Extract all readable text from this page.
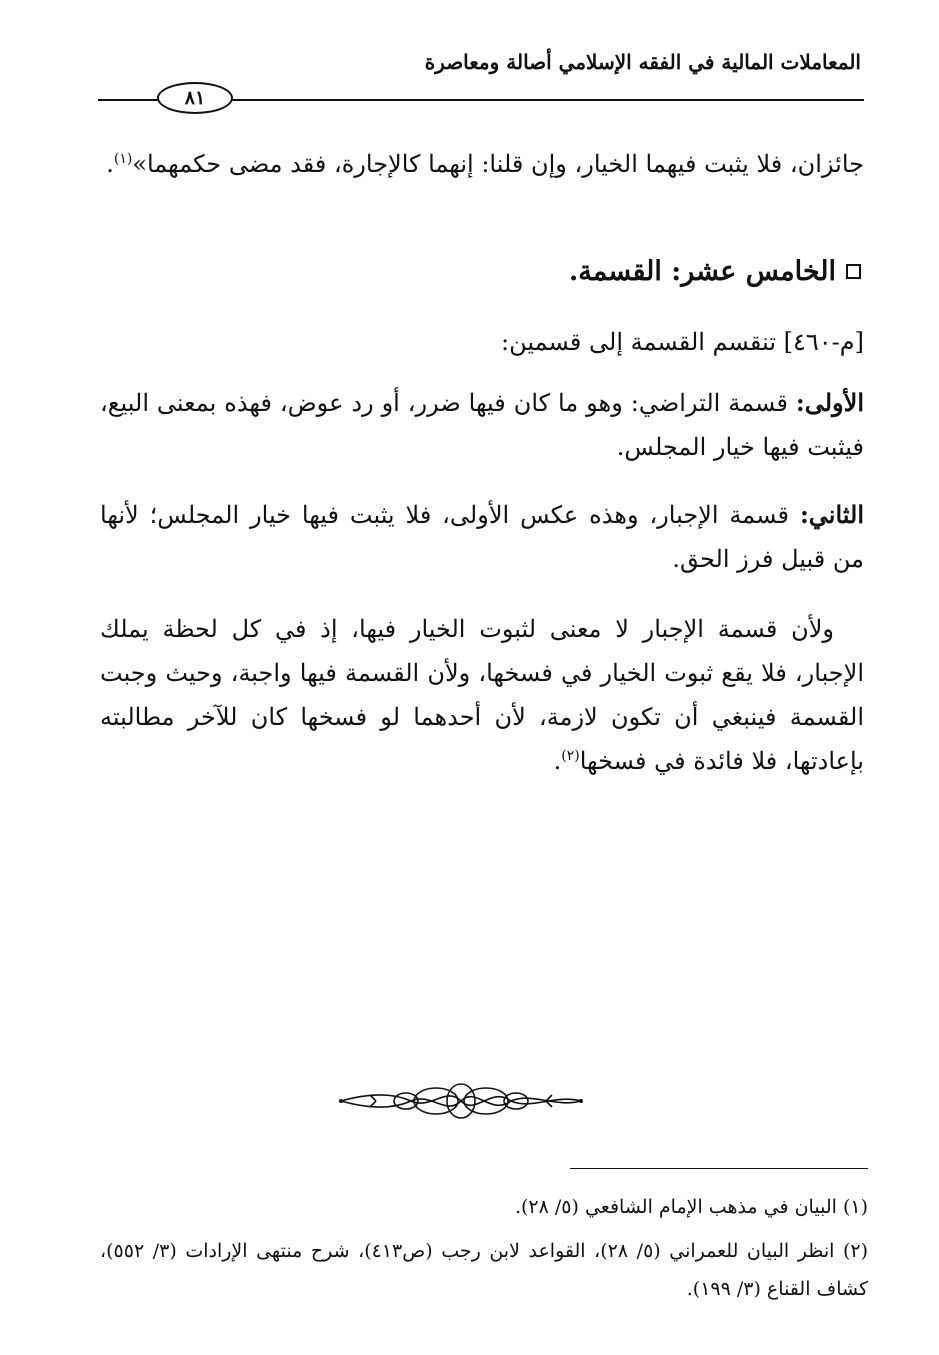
المعاملات المالية في الفقه الإسلامي أصالة ومعاصرة
٨١

جائزان، فلا يثبت فيهما الخيار، وإن قلنا: إنهما كالإجارة، فقد مضى حكمهما»$^{(١)}$.

الخامس عشر: القسمة.

[م-٤٦٠] تنقسم القسمة إلى قسمين:

الأولى: قسمة التراضي: وهو ما كان فيها ضرر، أو رد عوض، فهذه بمعنى البيع، فيثبت فيها خيار المجلس.

الثاني: قسمة الإجبار، وهذه عكس الأولى، فلا يثبت فيها خيار المجلس؛ لأنها من قبيل فرز الحق.

ولأن قسمة الإجبار لا معنى لثبوت الخيار فيها، إذ في كل لحظة يملك الإجبار، فلا يقع ثبوت الخيار في فسخها، ولأن القسمة فيها واجبة، وحيث وجبت القسمة فينبغي أن تكون لازمة، لأن أحدهما لو فسخها كان للآخر مطالبته بإعادتها، فلا فائدة في فسخها$^{(٢)}$.

(١) البيان في مذهب الإمام الشافعي (٥/ ٢٨).

(٢) انظر البيان للعمراني (٥/ ٢٨)، القواعد لابن رجب (ص٤١٣)، شرح منتهى الإرادات (٣/ ٥٥٢)، كشاف القناع (٣/ ١٩٩).
